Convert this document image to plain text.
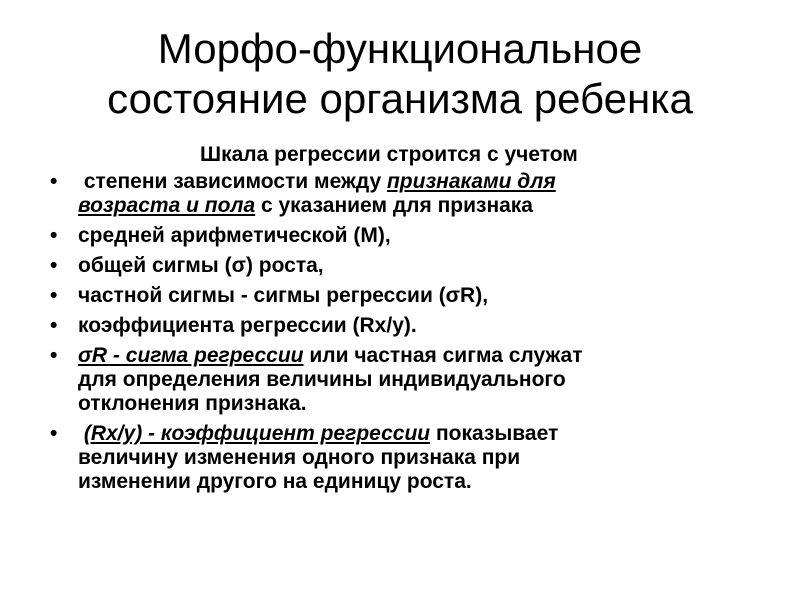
Морфо-функциональное
состояние организма ребенка
Шкала регрессии строится с учетом
• степени зависимости между признаками для
возраста и пола с указанием для признака
• средней арифметической (М),
• общей сигмы (σ) роста,
• частной сигмы - сигмы регрессии (σR),
• коэффициента регрессии (Rx/y).
• σR - сигма регрессии или частная сигма служат
для определения величины индивидуального
отклонения признака.
•	(Rx/y) - коэффициент регрессии показывает
величину изменения одного признака при
изменении другого на единицу роста.
